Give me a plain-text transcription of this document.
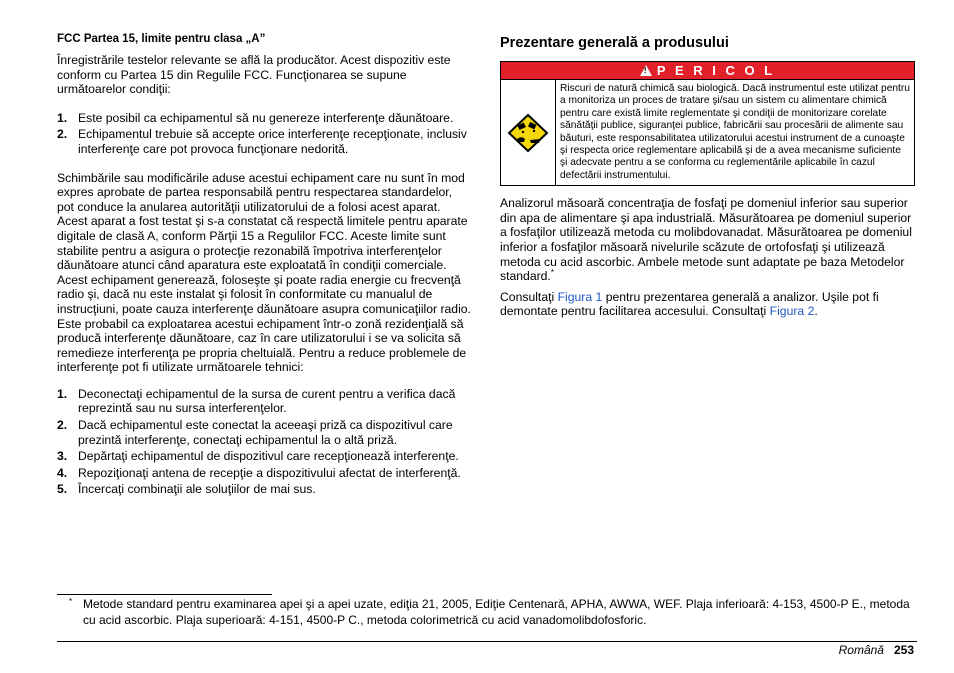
FCC Partea 15, limite pentru clasa „A”
Înregistrările testelor relevante se află la producător. Acest dispozitiv este conform cu Partea 15 din Regulile FCC. Funcţionarea se supune următoarelor condiţii:
1. Este posibil ca echipamentul să nu genereze interferenţe dăunătoare.
2. Echipamentul trebuie să accepte orice interferenţe recepţionate, inclusiv interferenţe care pot provoca funcţionare nedorită.
Schimbările sau modificările aduse acestui echipament care nu sunt în mod expres aprobate de partea responsabilă pentru respectarea standardelor, pot conduce la anularea autorităţii utilizatorului de a folosi acest aparat. Acest aparat a fost testat şi s-a constatat că respectă limitele pentru aparate digitale de clasă A, conform Părţii 15 a Regulilor FCC. Aceste limite sunt stabilite pentru a asigura o protecţie rezonabilă împotriva interferenţelor dăunătoare atunci când aparatura este exploatată în condiţii comerciale. Acest echipament generează, foloseşte şi poate radia energie cu frecvenţă radio şi, dacă nu este instalat şi folosit în conformitate cu manualul de instrucţiuni, poate cauza interferenţe dăunătoare asupra comunicaţiilor radio. Este probabil ca exploatarea acestui echipament într-o zonă rezidenţială să producă interferenţe dăunătoare, caz în care utilizatorului i se va solicita să remedieze interferenţa pe propria cheltuială. Pentru a reduce problemele de interferenţe pot fi utilizate următoarele tehnici:
1. Deconectaţi echipamentul de la sursa de curent pentru a verifica dacă reprezintă sau nu sursa interferenţelor.
2. Dacă echipamentul este conectat la aceeaşi priză ca dispozitivul care prezintă interferenţe, conectaţi echipamentul la o altă priză.
3. Depărtaţi echipamentul de dispozitivul care recepţionează interferenţe.
4. Repoziţionaţi antena de recepţie a dispozitivului afectat de interferenţă.
5. Încercaţi combinaţii ale soluţiilor de mai sus.
Prezentare generală a produsului
! P E R I C O L
Riscuri de natură chimică sau biologică. Dacă instrumentul este utilizat pentru a monitoriza un proces de tratare şi/sau un sistem cu alimentare chimică pentru care există limite reglementate şi condiţii de monitorizare corelate sănătăţii publice, siguranţei publice, fabricării sau procesării de alimente sau băuturi, este responsabilitatea utilizatorului acestui instrument de a cunoaşte şi respecta orice reglementare aplicabilă şi de a avea mecanisme suficiente şi adecvate pentru a se conforma cu reglementările aplicabile în cazul defectării instrumentului.
Analizorul măsoară concentraţia de fosfaţi pe domeniul inferior sau superior din apa de alimentare şi apa industrială. Măsurătoarea pe domeniul superior a fosfaţilor utilizează metoda cu molibdovanadat. Măsurătoarea pe domeniul inferior a fosfaţilor măsoară nivelurile scăzute de ortofosfaţi şi utilizează metoda cu acid ascorbic. Ambele metode sunt adaptate pe baza Metodelor standard.*
Consultaţi Figura 1 pentru prezentarea generală a analizor. Uşile pot fi demontate pentru facilitarea accesului. Consultaţi Figura 2.
* Metode standard pentru examinarea apei şi a apei uzate, ediţia 21, 2005, Ediţie Centenară, APHA, AWWA, WEF. Plaja inferioară: 4-153, 4500-P E., metoda cu acid ascorbic. Plaja superioară: 4-151, 4500-P C., metoda colorimetrică cu acid vanadomolibdofosforic.
Română 253
